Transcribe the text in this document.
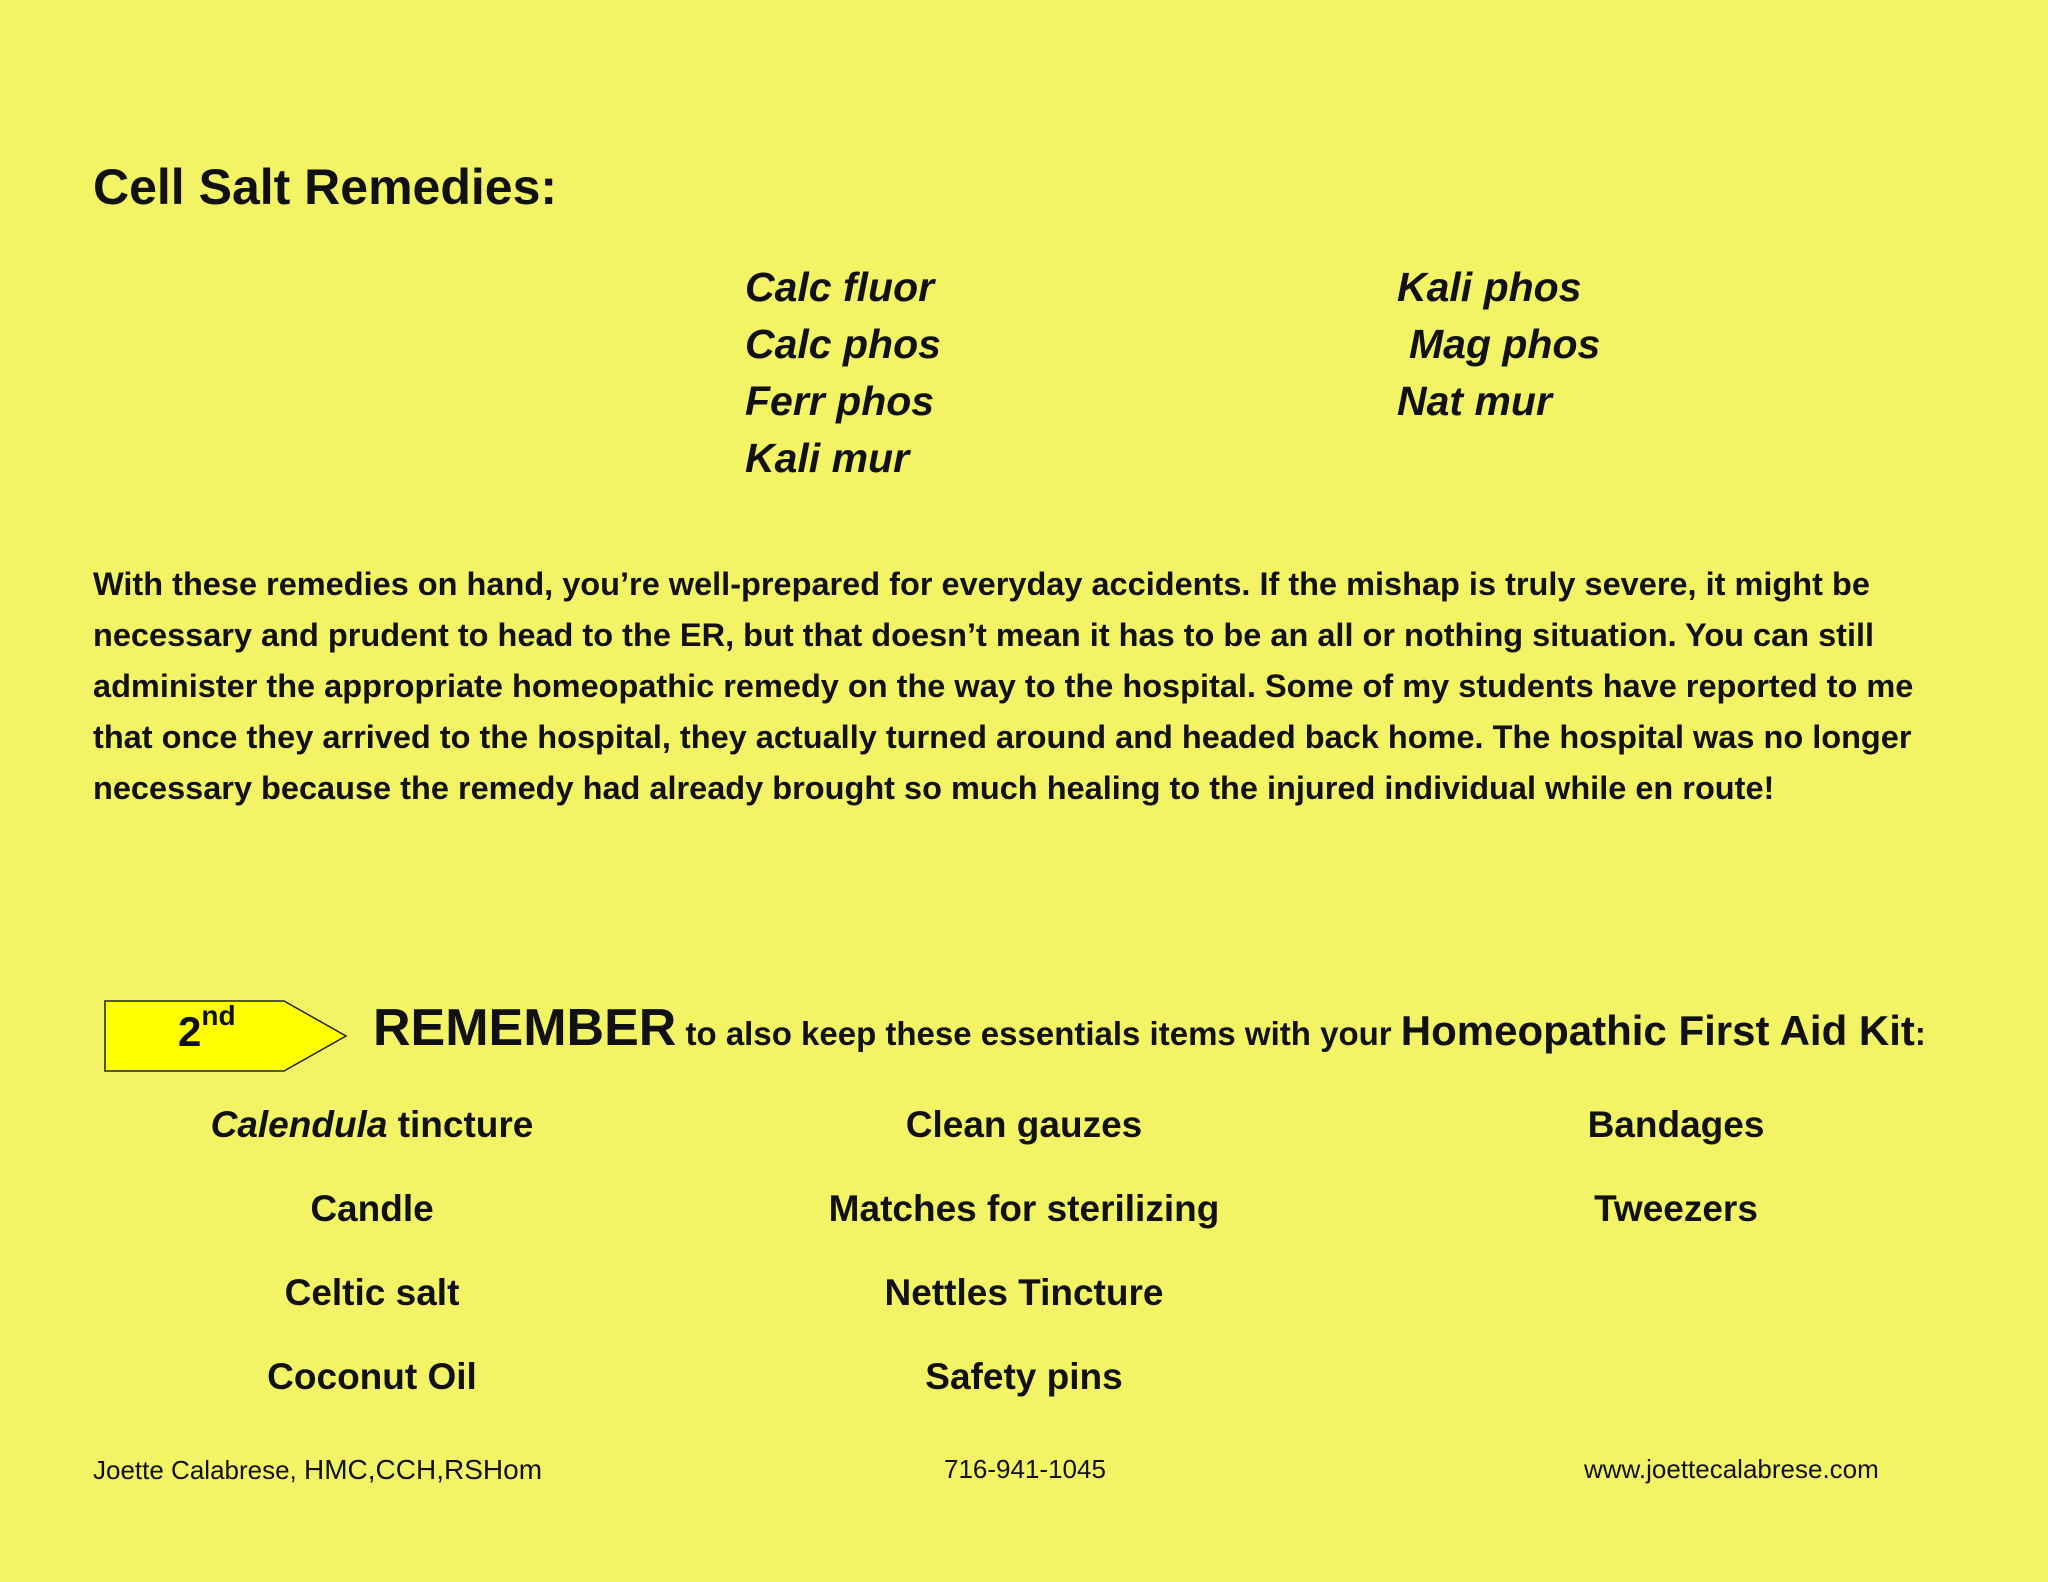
Cell Salt Remedies:
Calc fluor
Calc phos
Ferr phos
Kali mur
Kali phos
Mag phos
Nat mur
With these remedies on hand, you’re well-prepared for everyday accidents. If the mishap is truly severe, it might be
necessary and prudent to head to the ER, but that doesn’t mean it has to be an all or nothing situation. You can still
administer the appropriate homeopathic remedy on the way to the hospital. Some of my students have reported to me
that once they arrived to the hospital, they actually turned around and headed back home. The hospital was no longer
necessary because the remedy had already brought so much healing to the injured individual while en route!
2nd	REMEMBER to also keep these essentials items with your Homeopathic First Aid Kit:
Calendula tincture
Candle
Celtic salt
Coconut Oil
Clean gauzes
Matches for sterilizing
Nettles Tincture
Safety pins
Bandages
Tweezers
Joette Calabrese, HMC,CCH,RSHom	716-941-1045	www.joettecalabrese.com
